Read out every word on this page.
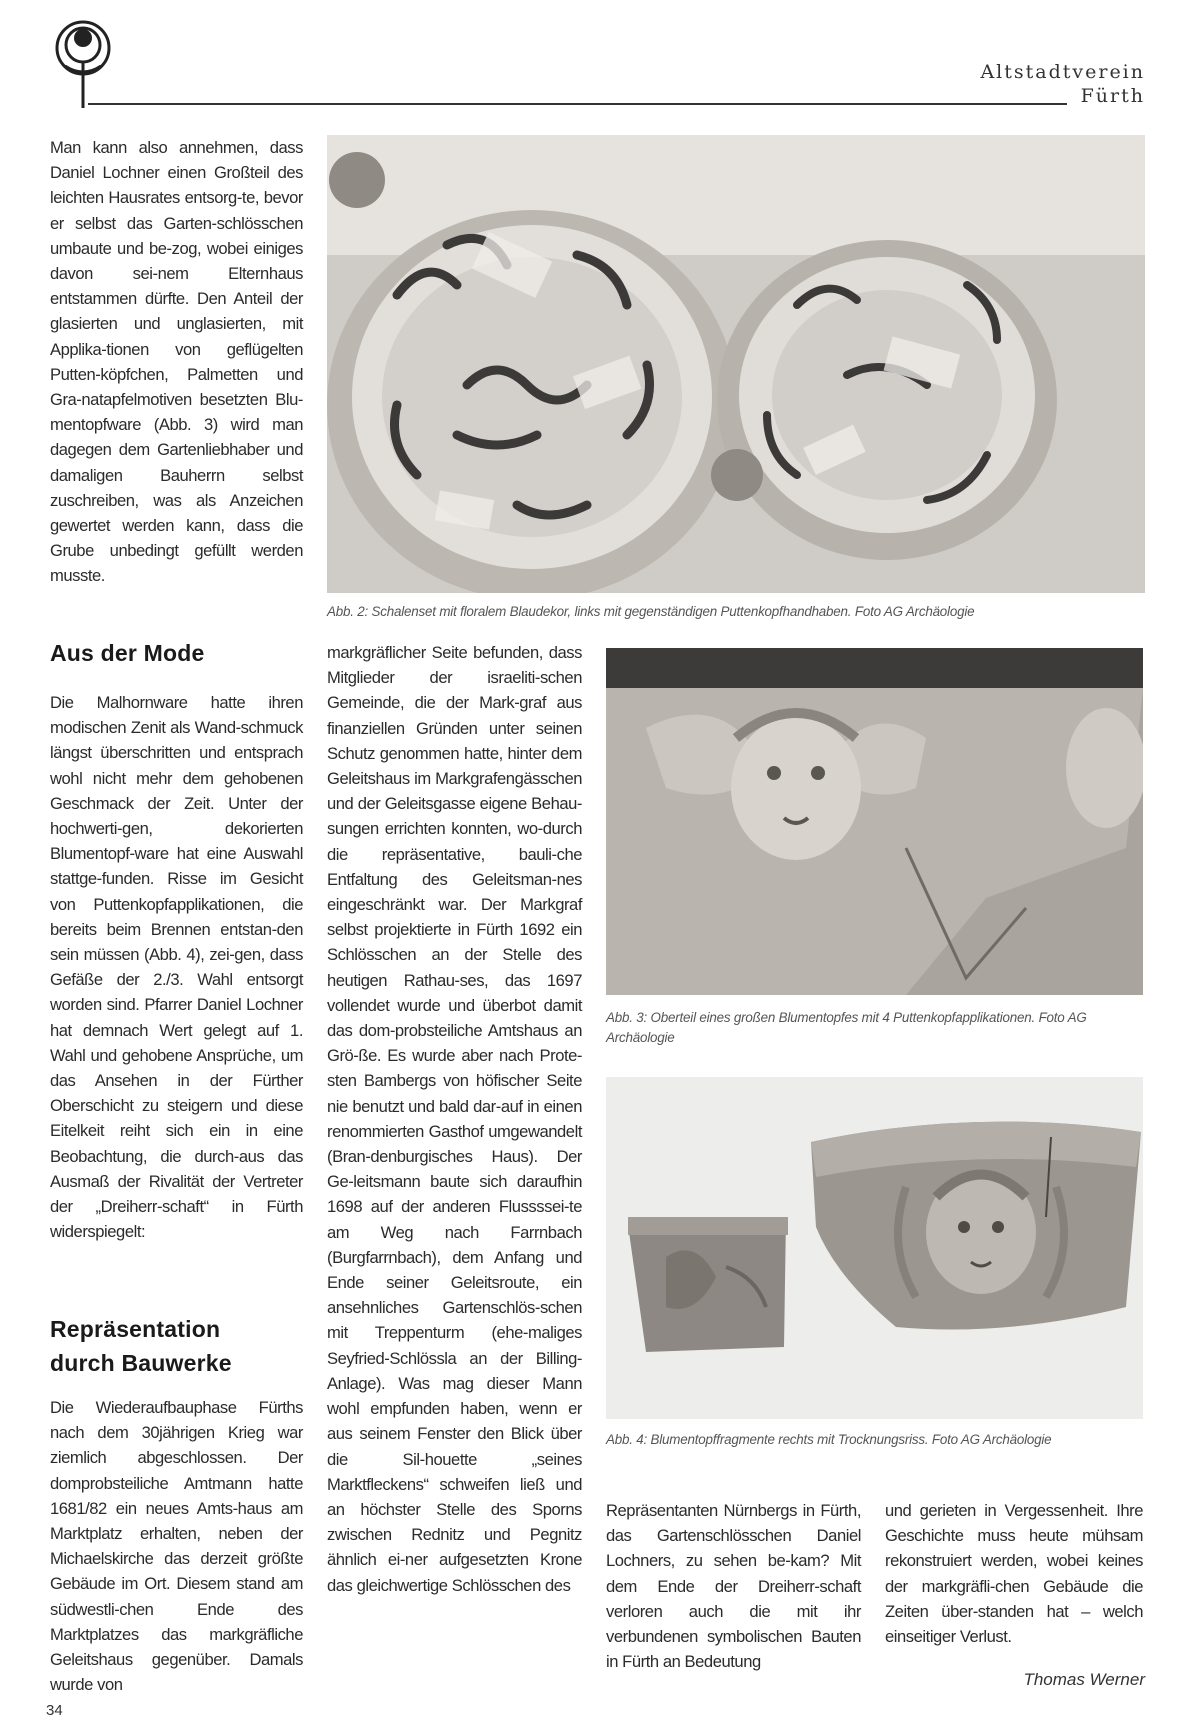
Altstadtverein
Fürth

Man kann also annehmen, dass Daniel Lochner einen Großteil des leichten Hausrates entsorg-te, bevor er selbst das Garten-schlösschen umbaute und be-zog, wobei einiges davon sei-nem Elternhaus entstammen dürfte. Den Anteil der glasierten und unglasierten, mit Applika-tionen von geflügelten Putten-köpfchen, Palmetten und Gra-natapfelmotiven besetzten Blu-mentopfware (Abb. 3) wird man dagegen dem Gartenliebhaber und damaligen Bauherrn selbst zuschreiben, was als Anzeichen gewertet werden kann, dass die Grube unbedingt gefüllt werden musste.

Abb. 2: Schalenset mit floralem Blaudekor, links mit gegenständigen Puttenkopfhandhaben. Foto AG Archäologie
Aus der Mode

Die Malhornware hatte ihren modischen Zenit als Wand-schmuck längst überschritten und entsprach wohl nicht mehr dem gehobenen Geschmack der Zeit. Unter der hochwerti-gen, dekorierten Blumentopf-ware hat eine Auswahl stattge-funden. Risse im Gesicht von Puttenkopfapplikationen, die bereits beim Brennen entstan-den sein müssen (Abb. 4), zei-gen, dass Gefäße der 2./3. Wahl entsorgt worden sind. Pfarrer Daniel Lochner hat demnach Wert gelegt auf 1. Wahl und gehobene Ansprüche, um das Ansehen in der Fürther Oberschicht zu steigern und diese Eitelkeit reiht sich ein in eine Beobachtung, die durch-aus das Ausmaß der Rivalität der Vertreter der „Dreiherr-schaft“ in Fürth widerspiegelt:

Repräsentation
durch Bauwerke

Die Wiederaufbauphase Fürths nach dem 30jährigen Krieg war ziemlich abgeschlossen. Der domprobsteiliche Amtmann hatte 1681/82 ein neues Amts-haus am Marktplatz erhalten, neben der Michaelskirche das derzeit größte Gebäude im Ort. Diesem stand am südwestli-chen Ende des Marktplatzes das markgräfliche Geleitshaus gegenüber. Damals wurde von

markgräflicher Seite befunden, dass Mitglieder der israeliti-schen Gemeinde, die der Mark-graf aus finanziellen Gründen unter seinen Schutz genommen hatte, hinter dem Geleitshaus im Markgrafengässchen und der Geleitsgasse eigene Behau-sungen errichten konnten, wo-durch die repräsentative, bauli-che Entfaltung des Geleitsman-nes eingeschränkt war. Der Markgraf selbst projektierte in Fürth 1692 ein Schlösschen an der Stelle des heutigen Rathau-ses, das 1697 vollendet wurde und überbot damit das dom-probsteiliche Amtshaus an Grö-ße. Es wurde aber nach Prote-sten Bambergs von höfischer Seite nie benutzt und bald dar-auf in einen renommierten Gasthof umgewandelt (Bran-denburgisches Haus). Der Ge-leitsmann baute sich daraufhin 1698 auf der anderen Flussssei-te am Weg nach Farrnbach (Burgfarrnbach), dem Anfang und Ende seiner Geleitsroute, ein ansehnliches Gartenschlös-schen mit Treppenturm (ehe-maliges Seyfried-Schlössla an der Billing-Anlage). Was mag dieser Mann wohl empfunden haben, wenn er aus seinem Fenster den Blick über die Sil-houette „seines Marktfleckens“ schweifen ließ und an höchster Stelle des Sporns zwischen Rednitz und Pegnitz ähnlich ei-ner aufgesetzten Krone das gleichwertige Schlösschen des

Abb. 3: Oberteil eines großen Blumentopfes mit 4 Puttenkopfapplikationen. Foto AG Archäologie
Abb. 4: Blumentopffragmente rechts mit Trocknungsriss. Foto AG Archäologie

Repräsentanten Nürnbergs in Fürth, das Gartenschlösschen Daniel Lochners, zu sehen be-kam? Mit dem Ende der Dreiherr-schaft verloren auch die mit ihr verbundenen symbolischen Bauten in Fürth an Bedeutung

und gerieten in Vergessenheit. Ihre Geschichte muss heute mühsam rekonstruiert werden, wobei keines der markgräfli-chen Gebäude die Zeiten über-standen hat – welch einseitiger Verlust.

Thomas Werner
34
